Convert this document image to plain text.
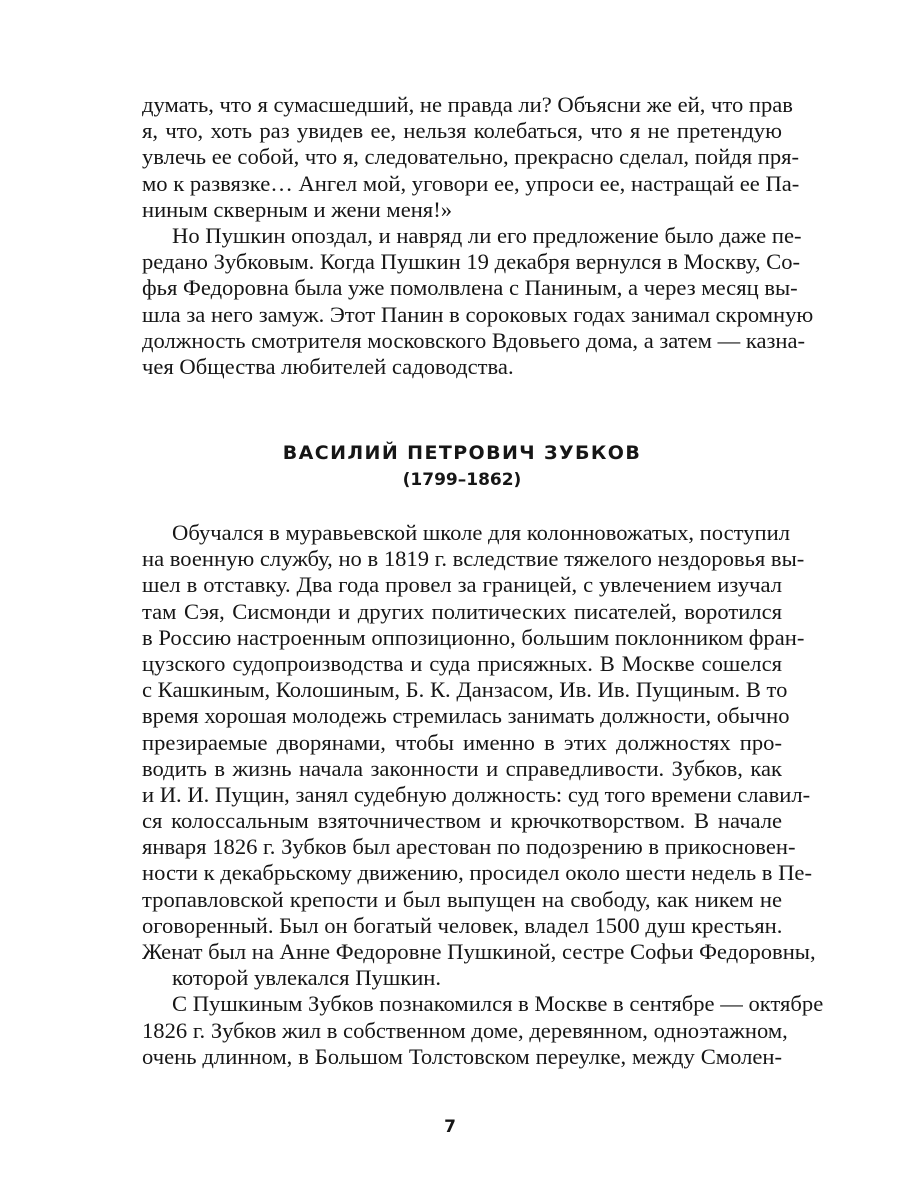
думать, что я сумасшедший, не правда ли? Объясни же ей, что прав
я, что, хоть раз увидев ее, нельзя колебаться, что я не претендую
увлечь ее собой, что я, следовательно, прекрасно сделал, пойдя пря-
мо к развязке… Ангел мой, уговори ее, упроси ее, настращай ее Па-
ниным скверным и жени меня!»
Но Пушкин опоздал, и навряд ли его предложение было даже пе-
редано Зубковым. Когда Пушкин 19 декабря вернулся в Москву, Со-
фья Федоровна была уже помолвлена с Паниным, а через месяц вы-
шла за него замуж. Этот Панин в сороковых годах занимал скромную
должность смотрителя московского Вдовьего дома, а затем — казна-
чея Общества любителей садоводства.
ВАСИЛИЙ ПЕТРОВИЧ ЗУБКОВ
(1799–1862)
Обучался в муравьевской школе для колонновожатых, поступил
на военную службу, но в 1819 г. вследствие тяжелого нездоровья вы-
шел в отставку. Два года провел за границей, с увлечением изучал
там Сэя, Сисмонди и других политических писателей, воротился
в Россию настроенным оппозиционно, большим поклонником фран-
цузского судопроизводства и суда присяжных. В Москве сошелся
с Кашкиным, Колошиным, Б. К. Данзасом, Ив. Ив. Пущиным. В то
время хорошая молодежь стремилась занимать должности, обычно
презираемые дворянами, чтобы именно в этих должностях про-
водить в жизнь начала законности и справедливости. Зубков, как
и И. И. Пущин, занял судебную должность: суд того времени славил-
ся колоссальным взяточничеством и крючкотворством. В начале
января 1826 г. Зубков был арестован по подозрению в прикосновен-
ности к декабрьскому движению, просидел около шести недель в Пе-
тропавловской крепости и был выпущен на свободу, как никем не
оговоренный. Был он богатый человек, владел 1500 душ крестьян.
Женат был на Анне Федоровне Пушкиной, сестре Софьи Федоровны,
которой увлекался Пушкин.
С Пушкиным Зубков познакомился в Москве в сентябре — октябре
1826 г. Зубков жил в собственном доме, деревянном, одноэтажном,
очень длинном, в Большом Толстовском переулке, между Смолен-
7
